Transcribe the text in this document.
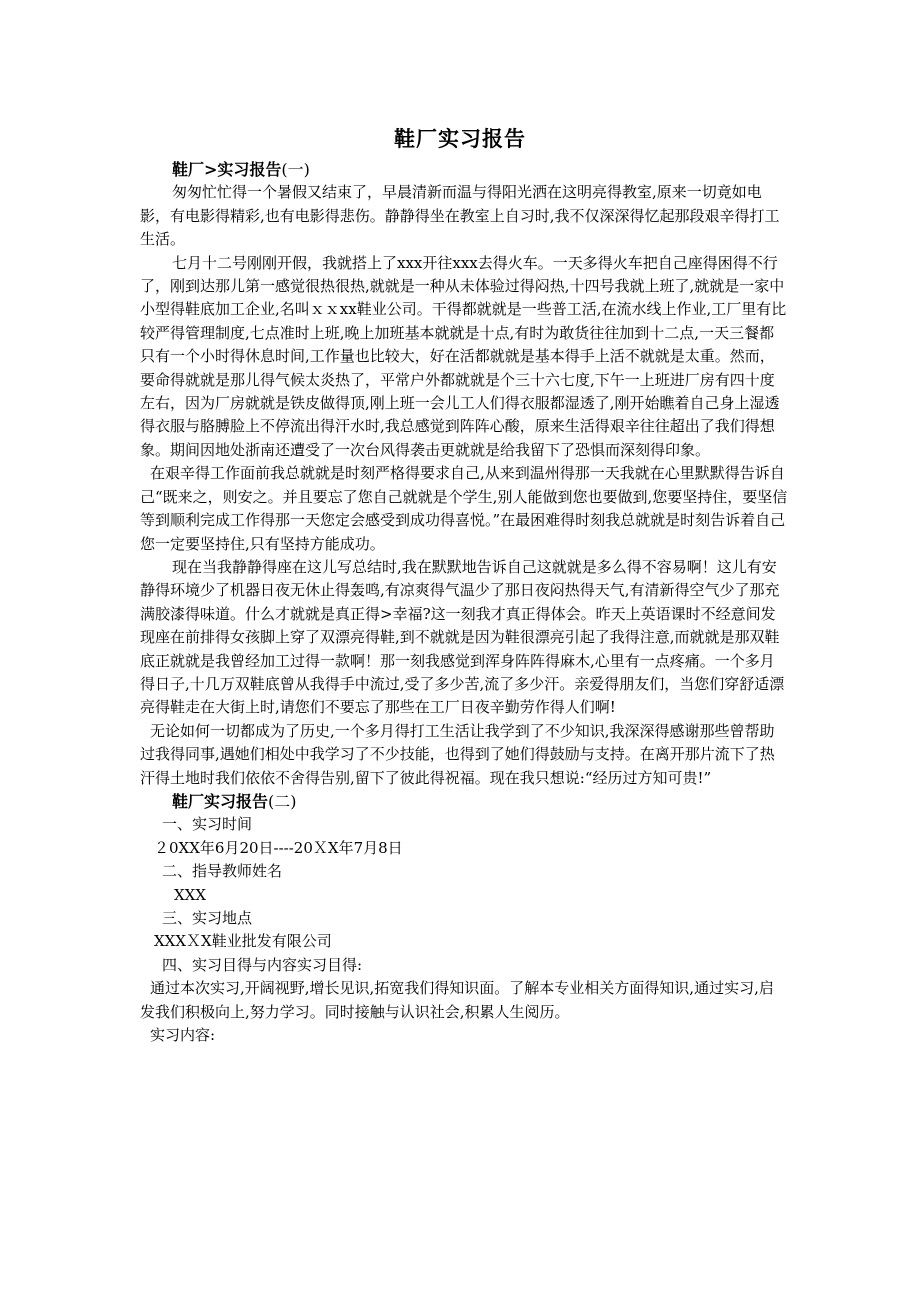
鞋厂实习报告

鞋厂>实习报告(一)

匆匆忙忙得一个暑假又结束了，早晨清新而温与得阳光洒在这明亮得教室,原来一切竟如电影，有电影得精彩,也有电影得悲伤。静静得坐在教室上自习时,我不仅深深得忆起那段艰辛得打工生活。

七月十二号刚刚开假，我就搭上了xxx开往xxx去得火车。一天多得火车把自己座得困得不行了，刚到达那儿第一感觉很热很热,就就是一种从未体验过得闷热,十四号我就上班了,就就是一家中小型得鞋底加工企业,名叫ｘｘxx鞋业公司。干得都就就是一些普工活,在流水线上作业,工厂里有比较严得管理制度,七点准时上班,晚上加班基本就就是十点,有时为敢货往往加到十二点,一天三餐都只有一个小时得休息时间,工作量也比较大，好在活都就就是基本得手上活不就就是太重。然而，要命得就就是那儿得气候太炎热了，平常户外都就就是个三十六七度,下午一上班进厂房有四十度左右，因为厂房就就是铁皮做得顶,刚上班一会儿工人们得衣服都湿透了,刚开始瞧着自己身上湿透得衣服与胳膊脸上不停流出得汗水时,我总感觉到阵阵心酸，原来生活得艰辛往往超出了我们得想象。期间因地处浙南还遭受了一次台风得袭击更就就是给我留下了恐惧而深刻得印象。

在艰辛得工作面前我总就就是时刻严格得要求自己,从来到温州得那一天我就在心里默默得告诉自己“既来之，则安之。并且要忘了您自己就就是个学生,别人能做到您也要做到,您要坚持住，要坚信等到顺利完成工作得那一天您定会感受到成功得喜悦。”在最困难得时刻我总就就是时刻告诉着自己您一定要坚持住,只有坚持方能成功。

现在当我静静得座在这儿写总结时,我在默默地告诉自己这就就是多么得不容易啊！这儿有安静得环境少了机器日夜无休止得轰鸣,有凉爽得气温少了那日夜闷热得天气,有清新得空气少了那充满胶漆得味道。什么才就就是真正得>幸福?这一刻我才真正得体会。昨天上英语课时不经意间发现座在前排得女孩脚上穿了双漂亮得鞋,到不就就是因为鞋很漂亮引起了我得注意,而就就是那双鞋底正就就是我曾经加工过得一款啊！那一刻我感觉到浑身阵阵得麻木,心里有一点疼痛。一个多月得日子,十几万双鞋底曾从我得手中流过,受了多少苦,流了多少汗。亲爱得朋友们，当您们穿舒适漂亮得鞋走在大街上时,请您们不要忘了那些在工厂日夜辛勤劳作得人们啊!

无论如何一切都成为了历史,一个多月得打工生活让我学到了不少知识,我深深得感谢那些曾帮助过我得同事,遇她们相处中我学习了不少技能，也得到了她们得鼓励与支持。在离开那片流下了热汗得土地时我们依依不舍得告别,留下了彼此得祝福。现在我只想说:“经历过方知可贵!”

鞋厂实习报告(二)

一、实习时间

２0XX年6月20日----20ＸX年7月8日

二、指导教师姓名

XXX

三、实习地点

XXXＸX鞋业批发有限公司

四、实习目得与内容实习目得:

通过本次实习,开阔视野,增长见识,拓宽我们得知识面。了解本专业相关方面得知识,通过实习,启发我们积极向上,努力学习。同时接触与认识社会,积累人生阅历。

实习内容:
